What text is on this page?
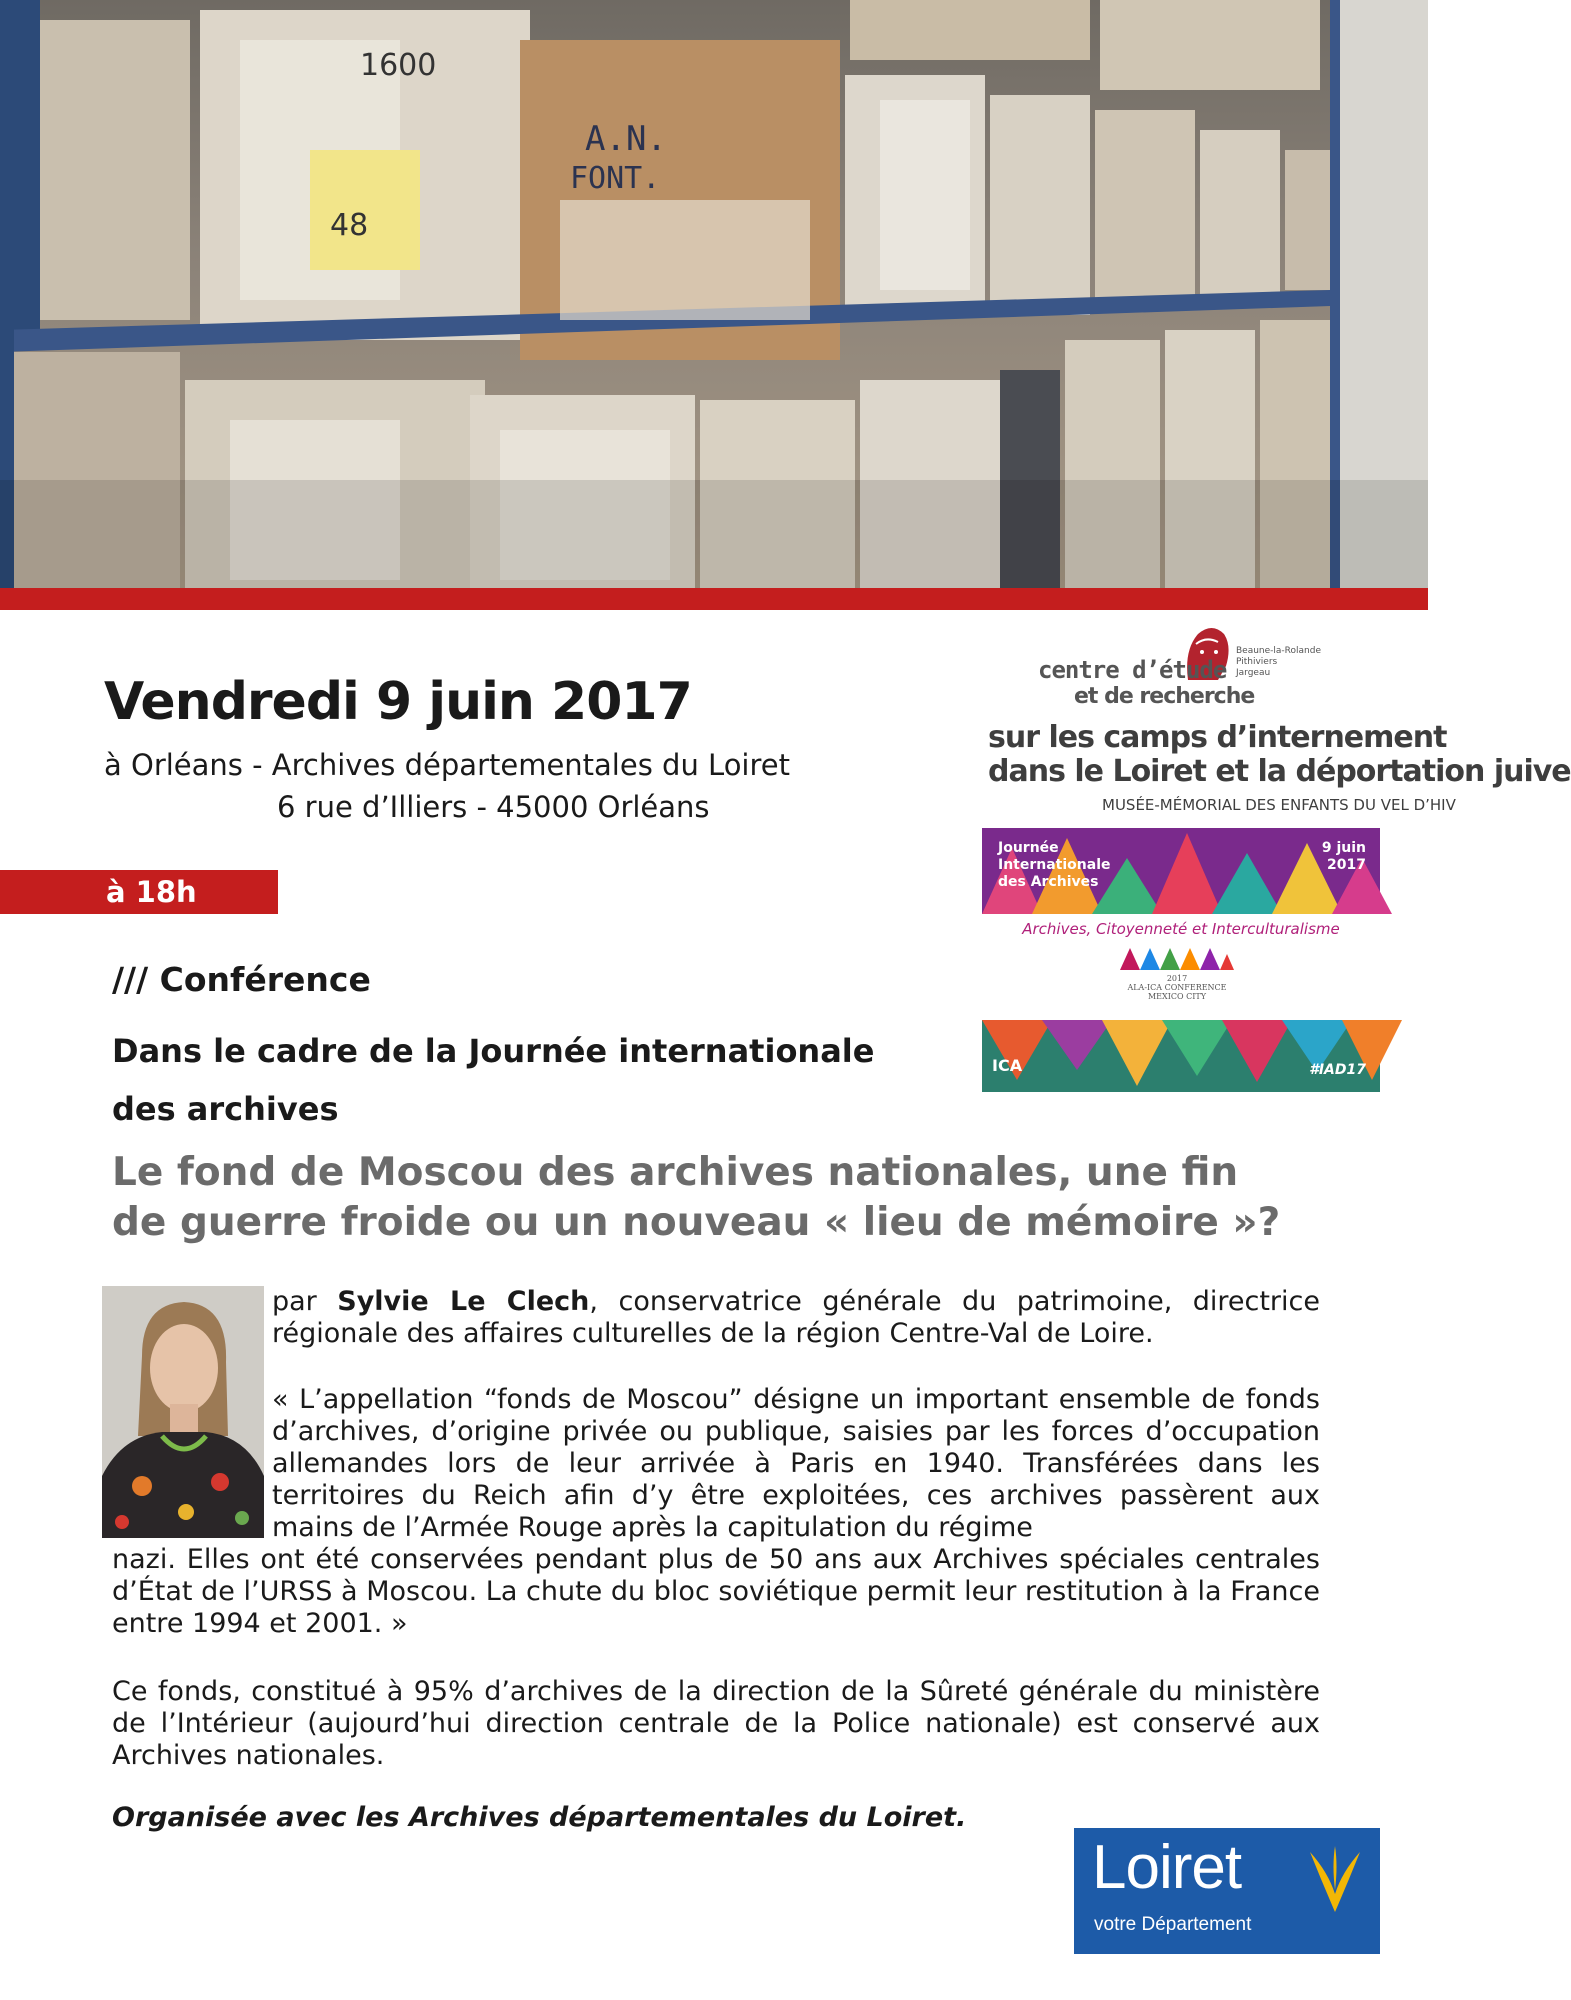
A.N.
FONT.
48
1600
Vendredi 9 juin 2017
à Orléans - Archives départementales du Loiret
6 rue d’Illiers - 45000 Orléans
à 18h
/// Conférence
Dans le cadre de la Journée internationale des archives
Le fond de Moscou des archives nationales, une fin de guerre froide ou un nouveau « lieu de mémoire »?
par Sylvie Le Clech, conservatrice générale du patrimoine, directrice régionale des affaires culturelles de la région Centre-Val de Loire.
« L’appellation “fonds de Moscou” désigne un important ensemble de fonds d’archives, d’origine privée ou publique, saisies par les forces d’occupation allemandes lors de leur arrivée à Paris en 1940. Transférées dans les territoires du Reich afin d’y être exploitées, ces archives passèrent aux mains de l’Armée Rouge après la capitulation du régime
nazi. Elles ont été conservées pendant plus de 50 ans aux Archives spéciales centrales d’État de l’URSS à Moscou. La chute du bloc soviétique permit leur restitution à la France entre 1994 et 2001. »
Ce fonds, constitué à 95% d’archives de la direction de la Sûreté générale du ministère de l’Intérieur (aujourd’hui direction centrale de la Police nationale) est conservé aux Archives nationales.
Organisée avec les Archives départementales du Loiret.
Beaune-la-Rolande
Pithiviers
Jargeau
centre d’étude
et de recherche
sur les camps d’internement
dans le Loiret et la déportation juive
MUSÉE-MÉMORIAL DES ENFANTS DU VEL D’HIV
Journée
Internationale
des Archives
9 juin
2017
Archives, Citoyenneté et Interculturalisme
2017
ALA-ICA CONFERENCE
MEXICO CITY
ICA	#IAD17
Loiret
votre Département
